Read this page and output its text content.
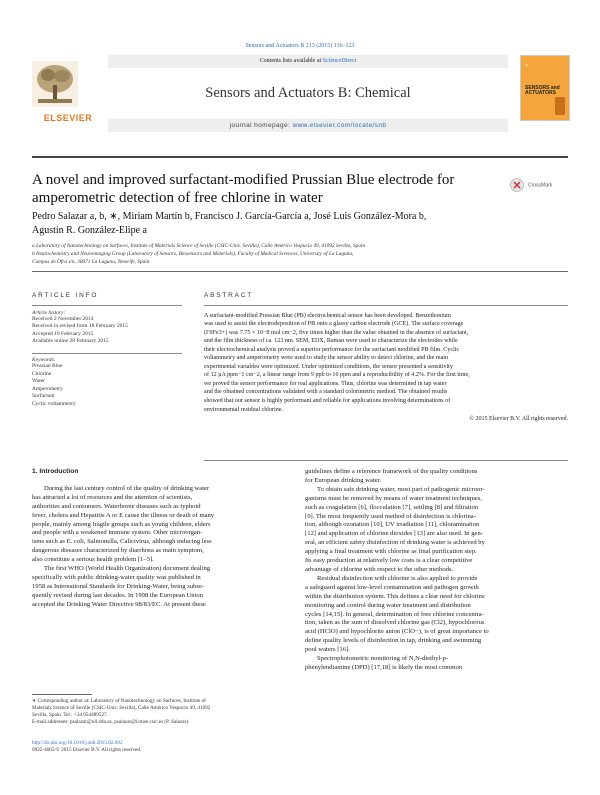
Sensors and Actuators B 213 (2015) 116–123
ELSEVIER
Contents lists available at ScienceDirect
Sensors and Actuators B: Chemical
journal homepage: www.elsevier.com/locate/snb
B
SENSORS and ACTUATORS
A novel and improved surfactant-modified Prussian Blue electrode for
amperometric detection of free chlorine in water
CrossMark
Pedro Salazar a, b, ∗, Miriam Martín b, Francisco J. García-García a, José Luis González-Mora b,
Agustín R. González-Elipe a
a Laboratory of Nanotechnology on Surfaces, Institute of Materials Science of Seville (CSIC-Univ. Sevilla), Calle Américo Vespucio 49, 41092 Sevilla, Spain
b Neurochemistry and Neuroimaging Group (Laboratory of Sensors, Biosensors and Materials), Faculty of Medical Sciences, University of La Laguna,
Campus de Ofra s/n, 38071 La Laguna, Tenerife, Spain
ARTICLE INFO
Article history:
Received 2 November 2014
Received in revised form 18 February 2015
Accepted 19 February 2015
Available online 28 February 2015
Keywords:
Prussian Blue
Chlorine
Water
Amperometry
Surfactant
Cyclic voltammetry
ABSTRACT
A surfactant-modified Prussian Blue (PB) electrochemical sensor has been developed. Benzethonium
was used to assist the electrodeposition of PB onto a glassy carbon electrode (GCE). The surface coverage
(Γ0Fe3+) was 7.75 × 10−8 mol cm−2, five times higher than the value obtained in the absence of surfactant,
and the film thickness of ca. 123 nm. SEM, EDX, Raman were used to characterize the electrodes while
their electrochemical analysis proved a superior performance for the surfactant modified PB film. Cyclic
voltammetry and amperometry were used to study the sensor ability to detect chlorine, and the main
experimental variables were optimized. Under optimized conditions, the sensor presented a sensitivity
of 12 μA ppm−1 cm−2, a linear range from 9 ppb to 10 ppm and a reproducibility of 4.2%. For the first time,
we proved the sensor performance for real applications. Thus, chlorine was determined in tap water
and the obtained concentrations validated with a standard colorimetric method. The obtained results
showed that our sensor is highly performant and reliable for applications involving determinations of
environmental residual chlorine.
© 2015 Elsevier B.V. All rights reserved.
1. Introduction
During the last century control of the quality of drinking water
has attracted a lot of resources and the attention of scientists,
authorities and consumers. Waterborne diseases such as typhoid
fever, cholera and Hepatitis A or E cause the illness or death of many
people, mainly among fragile groups such as young children, elders
and people with a weakened immune system. Other microorgan-
isms such as E. coli, Salmonella, Calicivirus, although inducing less
dangerous diseases characterized by diarrhoea as main symptom,
also constitute a serious health problem [1–5].
The first WHO (World Health Organization) document dealing
specifically with public drinking-water quality was published in
1958 as International Standards for Drinking-Water, being subse-
quently revised during last decades. In 1998 the European Union
accepted the Drinking Water Directive 98/83/EC. At present these
guidelines define a reference framework of the quality conditions
for European drinking water.
To obtain safe drinking water, most part of pathogenic microor-
ganisms must be removed by means of water treatment techniques,
such as coagulation [6], flocculation [7], settling [8] and filtration
[9]. The most frequently used method of disinfection is chlorina-
tion, although ozonation [10], UV irradiation [11], chloramination
[12] and application of chlorine dioxides [13] are also used. In gen-
eral, an efficient safety disinfection of drinking water is achieved by
applying a final treatment with chlorine as final purification step.
Its easy production at relatively low costs is a clear competitive
advantage of chlorine with respect to the other methods.
Residual disinfection with chlorine is also applied to provide
a safeguard against low-level contamination and pathogen growth
within the distribution system. This defines a clear need for chlorine
monitoring and control during water treatment and distribution
cycles [14,15]. In general, determination of free chlorine concentra-
tion, taken as the sum of dissolved chlorine gas (Cl2), hypochlorous
acid (HClO) and hypochlorite anion (ClO−), is of great importance to
define quality levels of disinfection in tap, drinking and swimming
pool waters [16].
Spectrophotometric monitoring of N,N-diethyl-p-
phenylendiamine (DPD) [17,18] is likely the most common
∗ Corresponding author at: Laboratory of Nanotechnology on Surfaces, Institute of
Materials Science of Seville (CSIC-Univ. Sevilla), Calle Américo Vespucio 49, 41092
Sevilla, Spain. Tel.: +34 954489527.
E-mail addresses: psalazar@ull.edu.es, psalazar@icmse.csic.es (P. Salazar).
http://dx.doi.org/10.1016/j.snb.2015.02.092
0925-4005/© 2015 Elsevier B.V. All rights reserved.
